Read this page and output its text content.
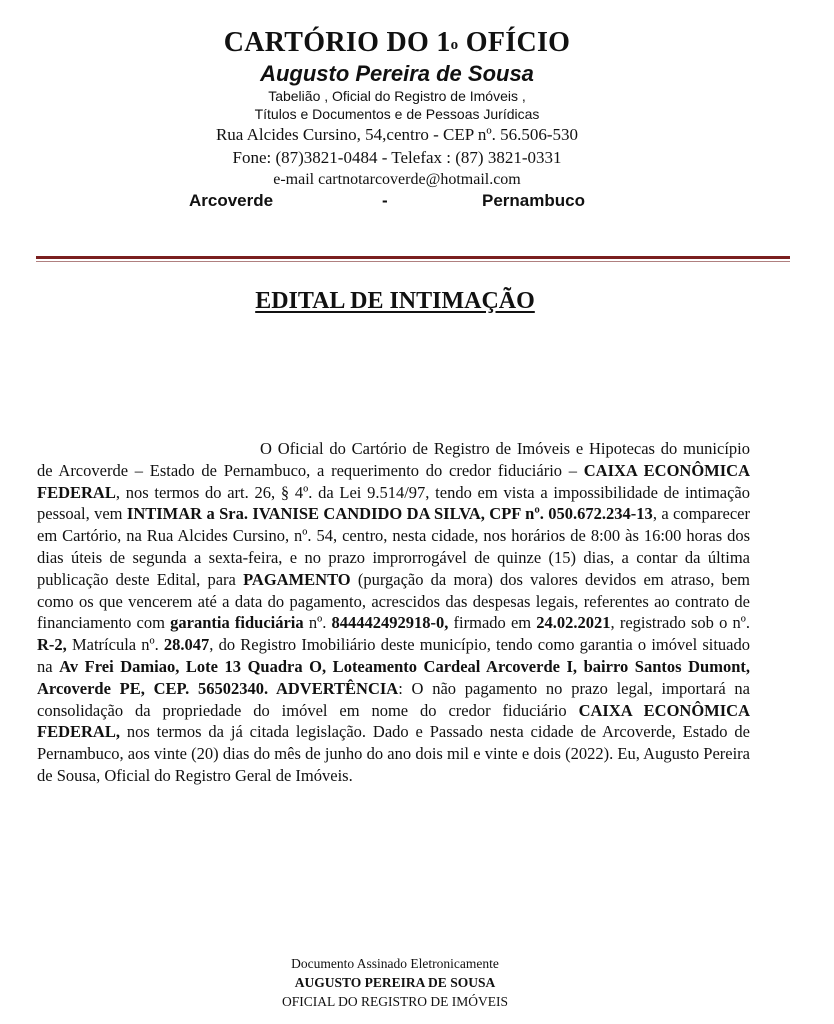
CARTÓRIO DO 1$^o$ OFÍCIO
Augusto Pereira de Sousa
Tabelião , Oficial do Registro de Imóveis ,
Títulos e Documentos e de Pessoas Jurídicas
Rua Alcides Cursino, 54,centro - CEP nº. 56.506-530
Fone: (87)3821-0484 - Telefax : (87) 3821-0331
e-mail cartnotarcoverde@hotmail.com
Arcoverde	-	Pernambuco
EDITAL DE INTIMAÇÃO

O Oficial do Cartório de Registro de Imóveis e Hipotecas do município de Arcoverde – Estado de Pernambuco, a requerimento do credor fiduciário – CAIXA ECONÔMICA FEDERAL, nos termos do art. 26, § 4º. da Lei 9.514/97, tendo em vista a impossibilidade de intimação pessoal, vem INTIMAR a Sra. IVANISE CANDIDO DA SILVA, CPF nº. 050.672.234-13, a comparecer em Cartório, na Rua Alcides Cursino, nº. 54, centro, nesta cidade, nos horários de 8:00 às 16:00 horas dos dias úteis de segunda a sexta-feira, e no prazo improrrogável de quinze (15) dias, a contar da última publicação deste Edital, para PAGAMENTO (purgação da mora) dos valores devidos em atraso, bem como os que vencerem até a data do pagamento, acrescidos das despesas legais, referentes ao contrato de financiamento com garantia fiduciária nº. 844442492918-0, firmado em 24.02.2021, registrado sob o nº. R-2, Matrícula nº. 28.047, do Registro Imobiliário deste município, tendo como garantia o imóvel situado na Av Frei Damiao, Lote 13 Quadra O, Loteamento Cardeal Arcoverde I, bairro Santos Dumont, Arcoverde PE, CEP. 56502340. ADVERTÊNCIA: O não pagamento no prazo legal, importará na consolidação da propriedade do imóvel em nome do credor fiduciário CAIXA ECONÔMICA FEDERAL, nos termos da já citada legislação. Dado e Passado nesta cidade de Arcoverde, Estado de Pernambuco, aos vinte (20) dias do mês de junho do ano dois mil e vinte e dois (2022). Eu, Augusto Pereira de Sousa, Oficial do Registro Geral de Imóveis.

Documento Assinado Eletronicamente
AUGUSTO PEREIRA DE SOUSA
OFICIAL DO REGISTRO DE IMÓVEIS
